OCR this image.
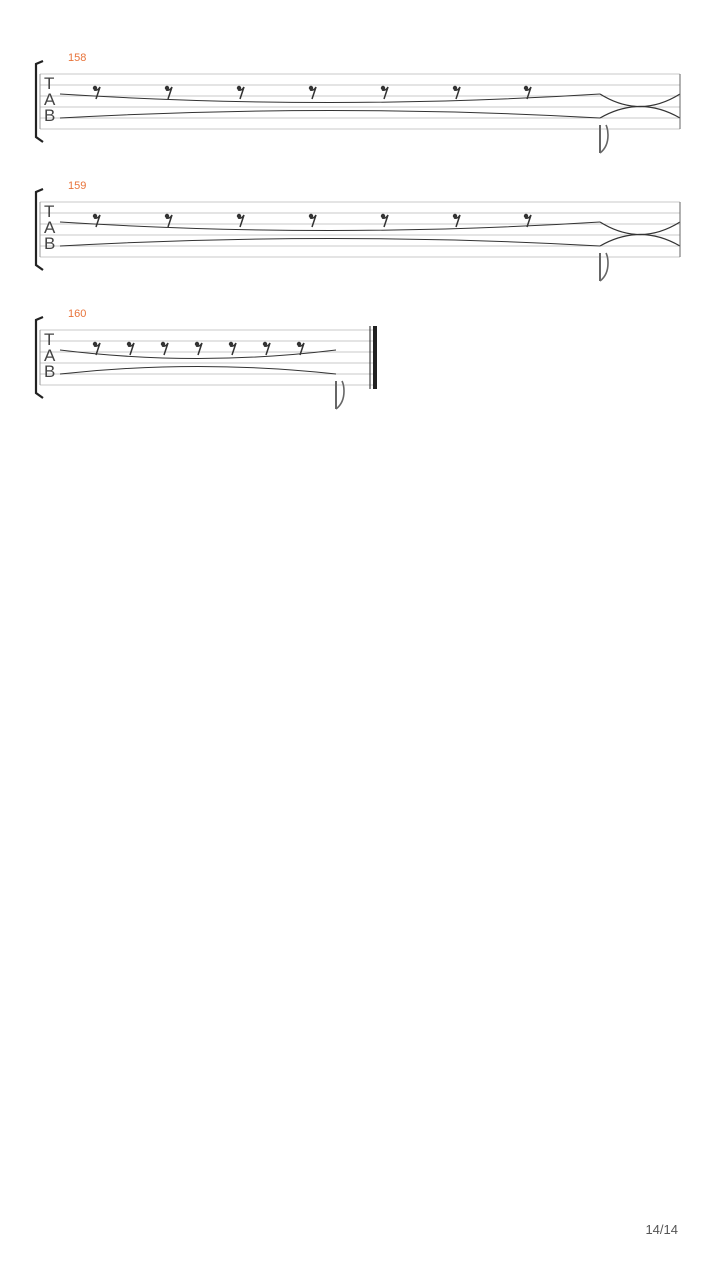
158
T
A
B
159
T
A
B
160
T
A
B
14/14
